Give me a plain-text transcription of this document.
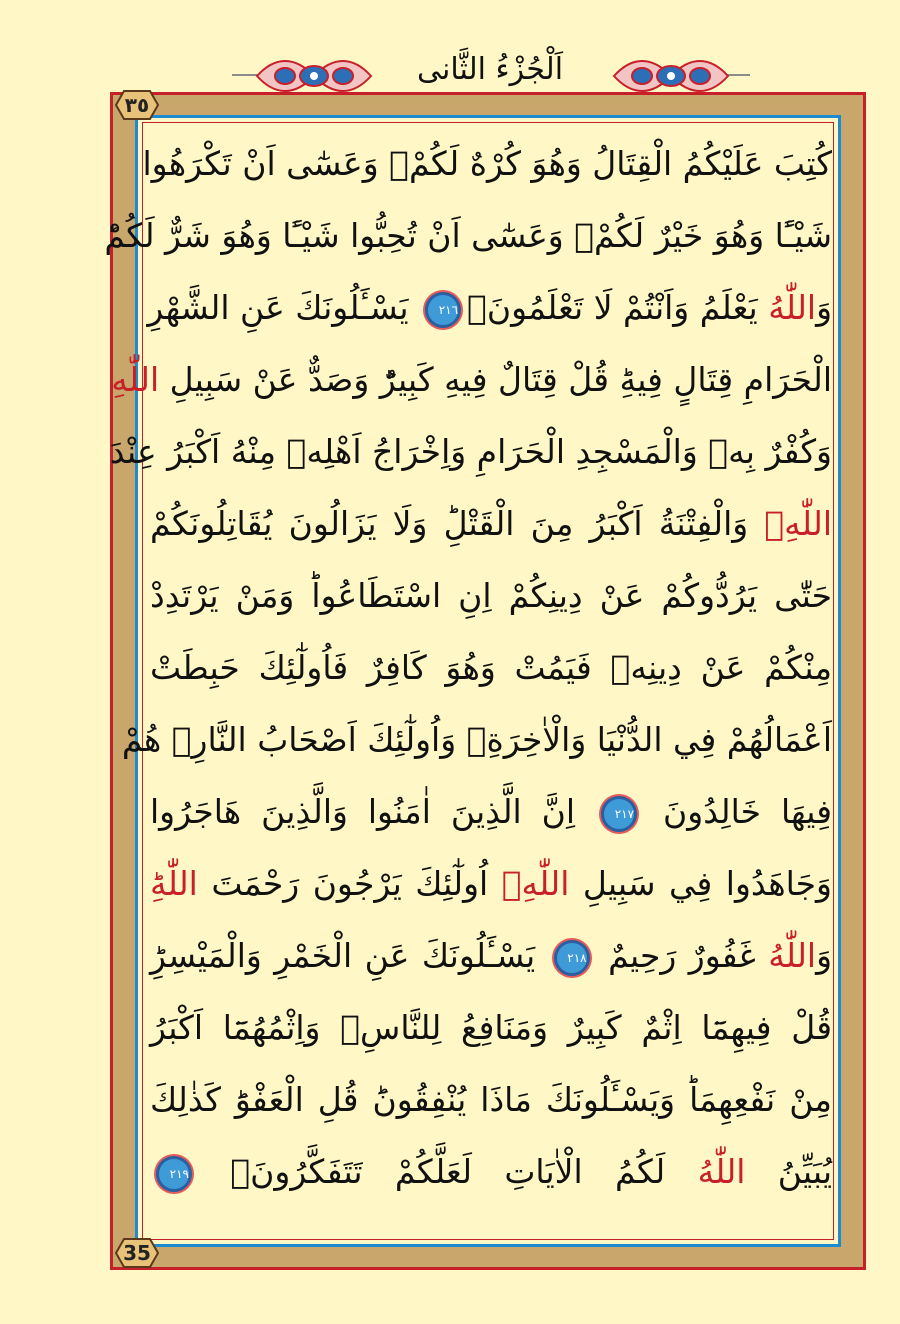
اَلْجُزْءُ الثَّانى
٣٥
35
كُتِبَ عَلَيْكُمُ الْقِتَالُ وَهُوَ كُرْهٌ لَكُمْۚ وَعَسٰٓى اَنْ تَكْرَهُوا
شَيْـًٔا وَهُوَ خَيْرٌ لَكُمْۚ وَعَسٰٓى اَنْ تُحِبُّوا شَيْـًٔا وَهُوَ شَرٌّ لَكُمْؕ
وَاللّٰهُ يَعْلَمُ وَاَنْتُمْ لَا تَعْلَمُونَ۟٢١٦ يَسْـَٔلُونَكَ عَنِ الشَّهْرِ
الْحَرَامِ قِتَالٍ فِيهِؕ قُلْ قِتَالٌ فِيهِ كَبِيرٌؕ وَصَدٌّ عَنْ سَبِيلِ اللّٰهِ
وَكُفْرٌ بِهٖ وَالْمَسْجِدِ الْحَرَامِ وَاِخْرَاجُ اَهْلِهٖ مِنْهُ اَكْبَرُ عِنْدَ
اللّٰهِۚ وَالْفِتْنَةُ اَكْبَرُ مِنَ الْقَتْلِؕ وَلَا يَزَالُونَ يُقَاتِلُونَكُمْ
حَتّٰى يَرُدُّوكُمْ عَنْ دِينِكُمْ اِنِ اسْتَطَاعُواؕ وَمَنْ يَرْتَدِدْ
مِنْكُمْ عَنْ دِينِهٖ فَيَمُتْ وَهُوَ كَافِرٌ فَاُولٰٓئِكَ حَبِطَتْ
اَعْمَالُهُمْ فِي الدُّنْيَا وَالْاٰخِرَةِۚ وَاُولٰٓئِكَ اَصْحَابُ النَّارِۚ هُمْ
فِيهَا خَالِدُونَ ٢١٧ اِنَّ الَّذِينَ اٰمَنُوا وَالَّذِينَ هَاجَرُوا
وَجَاهَدُوا فِي سَبِيلِ اللّٰهِۙ اُولٰٓئِكَ يَرْجُونَ رَحْمَتَ اللّٰهِؕ
وَاللّٰهُ غَفُورٌ رَحِيمٌ ٢١٨ يَسْـَٔلُونَكَ عَنِ الْخَمْرِ وَالْمَيْسِرِؕ
قُلْ فِيهِمَٓا اِثْمٌ كَبِيرٌ وَمَنَافِعُ لِلنَّاسِؗ وَاِثْمُهُمَٓا اَكْبَرُ
مِنْ نَفْعِهِمَاؕ وَيَسْـَٔلُونَكَ مَاذَا يُنْفِقُونَؕ قُلِ الْعَفْوَؕ كَذٰلِكَ
يُبَيِّنُ اللّٰهُ لَكُمُ الْاٰيَاتِ لَعَلَّكُمْ تَتَفَكَّرُونَۙ ٢١٩
